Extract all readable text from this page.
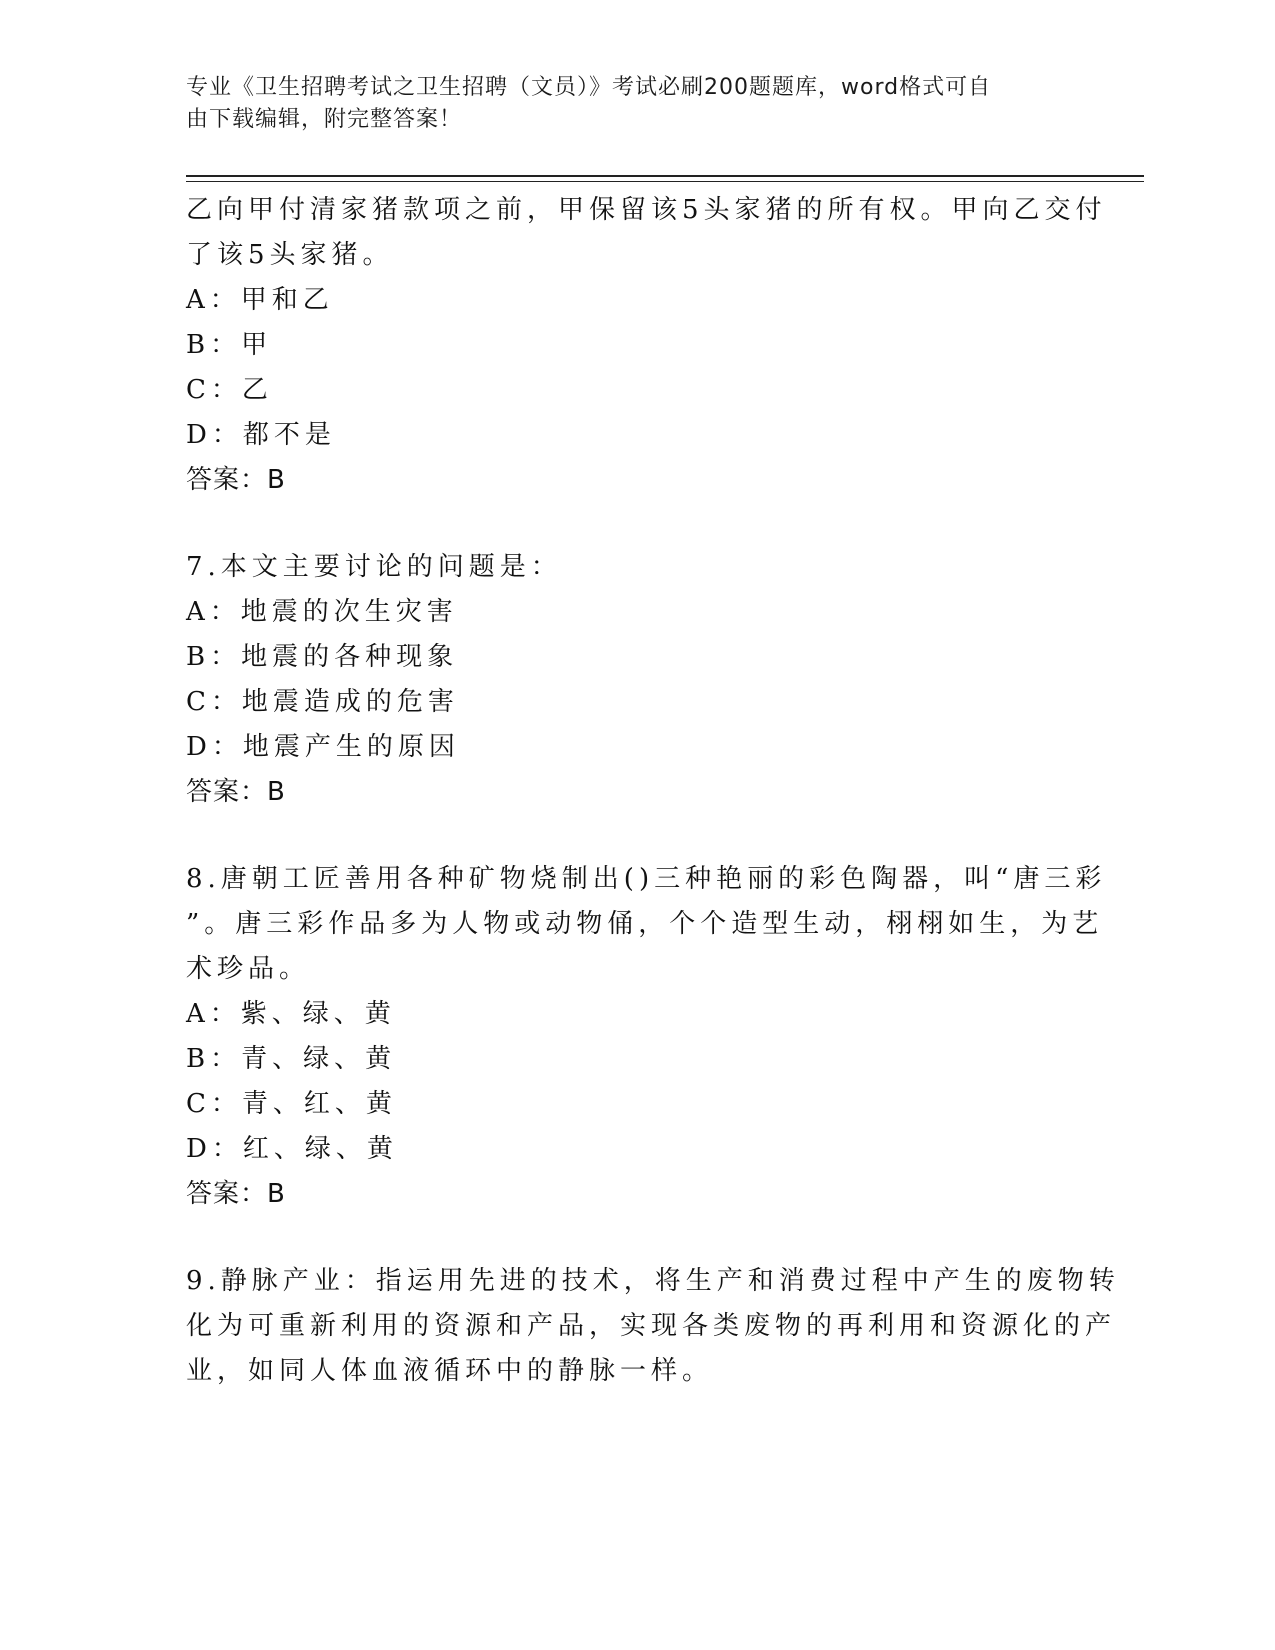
专业《卫生招聘考试之卫生招聘（文员）》考试必刷200题题库，word格式可自
由下载编辑，附完整答案！
乙向甲付清家猪款项之前，甲保留该5头家猪的所有权。甲向乙交付
了该5头家猪。
A：甲和乙
B：甲
C：乙
D：都不是
答案：B
7.本文主要讨论的问题是：
A：地震的次生灾害
B：地震的各种现象
C：地震造成的危害
D：地震产生的原因
答案：B
8.唐朝工匠善用各种矿物烧制出()三种艳丽的彩色陶器，叫“唐三彩
”。唐三彩作品多为人物或动物俑，个个造型生动，栩栩如生，为艺
术珍品。
A：紫、绿、黄
B：青、绿、黄
C：青、红、黄
D：红、绿、黄
答案：B
9.静脉产业：指运用先进的技术，将生产和消费过程中产生的废物转
化为可重新利用的资源和产品，实现各类废物的再利用和资源化的产
业，如同人体血液循环中的静脉一样。
